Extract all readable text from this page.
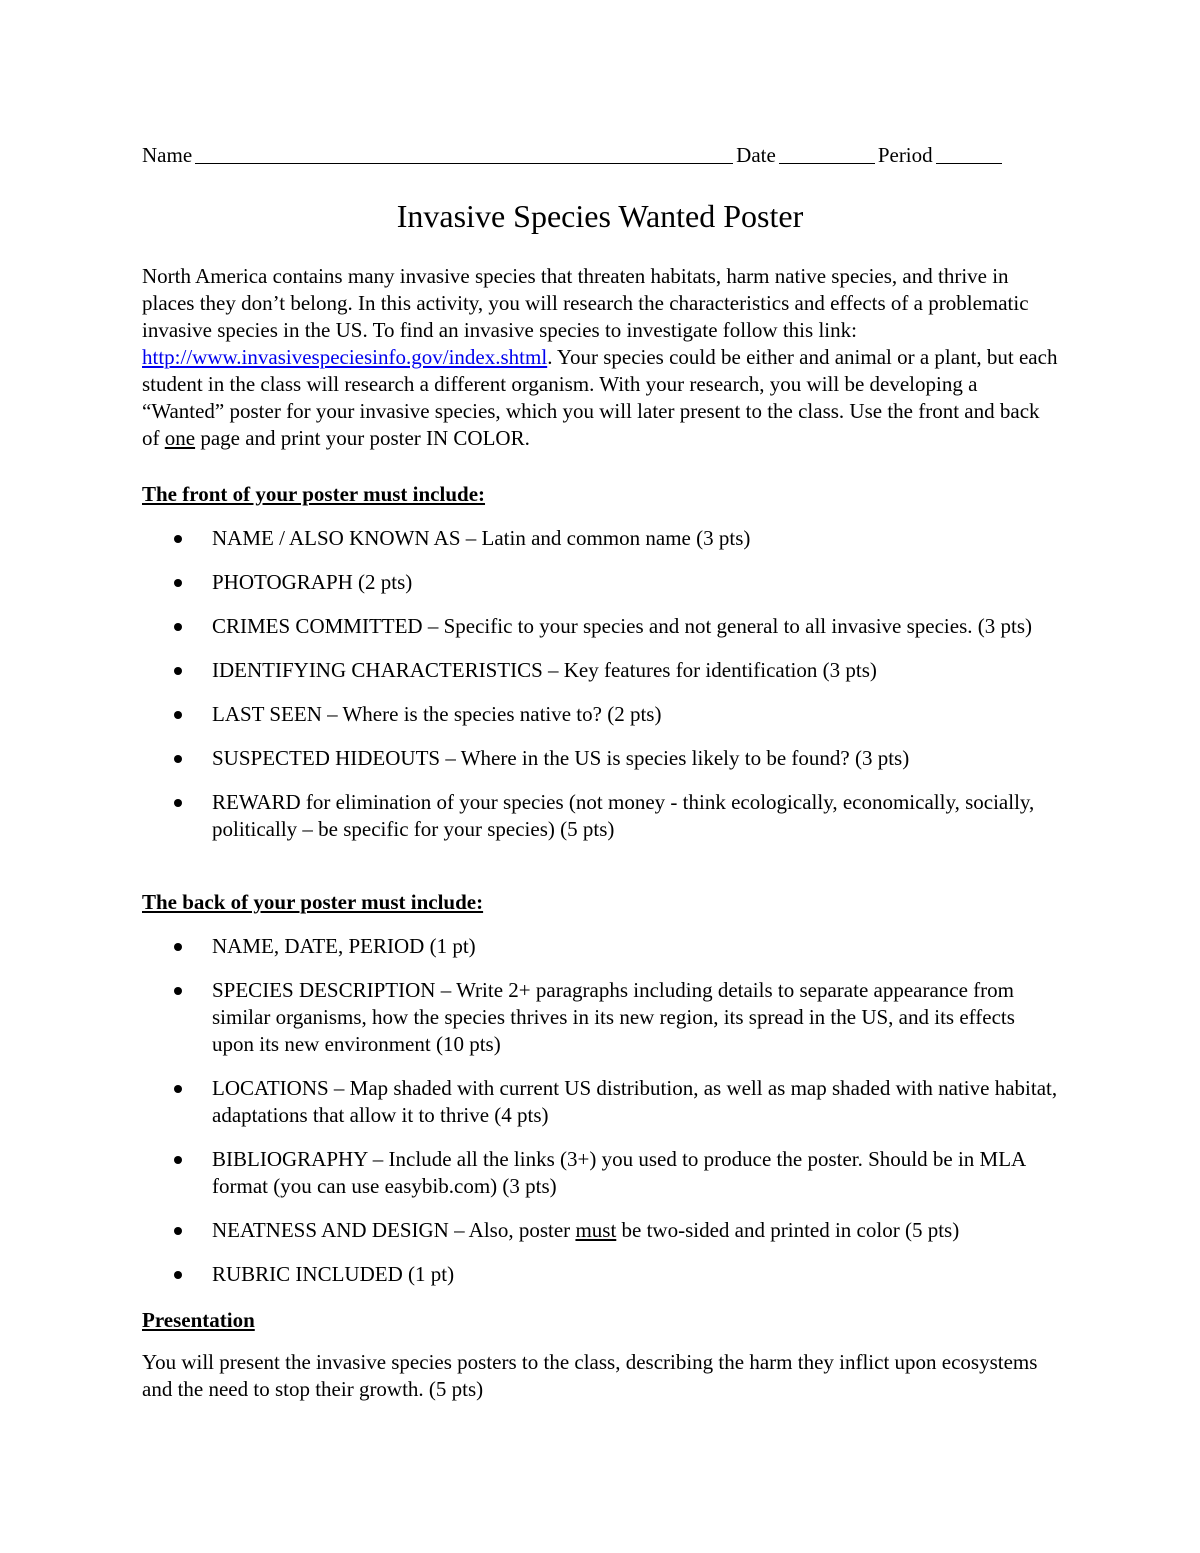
Name	Date	Period
Invasive Species Wanted Poster

North America contains many invasive species that threaten habitats, harm native species, and thrive in places they don’t belong. In this activity, you will research the characteristics and effects of a problematic invasive species in the US. To find an invasive species to investigate follow this link: http://www.invasivespeciesinfo.gov/index.shtml. Your species could be either and animal or a plant, but each student in the class will research a different organism. With your research, you will be developing a “Wanted” poster for your invasive species, which you will later present to the class. Use the front and back of one page and print your poster IN COLOR.

The front of your poster must include:
NAME / ALSO KNOWN AS – Latin and common name (3 pts)
PHOTOGRAPH (2 pts)
CRIMES COMMITTED – Specific to your species and not general to all invasive species. (3 pts)
IDENTIFYING CHARACTERISTICS – Key features for identification (3 pts)
LAST SEEN – Where is the species native to? (2 pts)
SUSPECTED HIDEOUTS – Where in the US is species likely to be found? (3 pts)
REWARD for elimination of your species (not money - think ecologically, economically, socially, politically – be specific for your species) (5 pts)
The back of your poster must include:
NAME, DATE, PERIOD (1 pt)
SPECIES DESCRIPTION – Write 2+ paragraphs including details to separate appearance from similar organisms, how the species thrives in its new region, its spread in the US, and its effects upon its new environment (10 pts)
LOCATIONS – Map shaded with current US distribution, as well as map shaded with native habitat, adaptations that allow it to thrive (4 pts)
BIBLIOGRAPHY – Include all the links (3+) you used to produce the poster. Should be in MLA format (you can use easybib.com) (3 pts)
NEATNESS AND DESIGN – Also, poster must be two-sided and printed in color (5 pts)
RUBRIC INCLUDED (1 pt)
Presentation

You will present the invasive species posters to the class, describing the harm they inflict upon ecosystems and the need to stop their growth. (5 pts)
